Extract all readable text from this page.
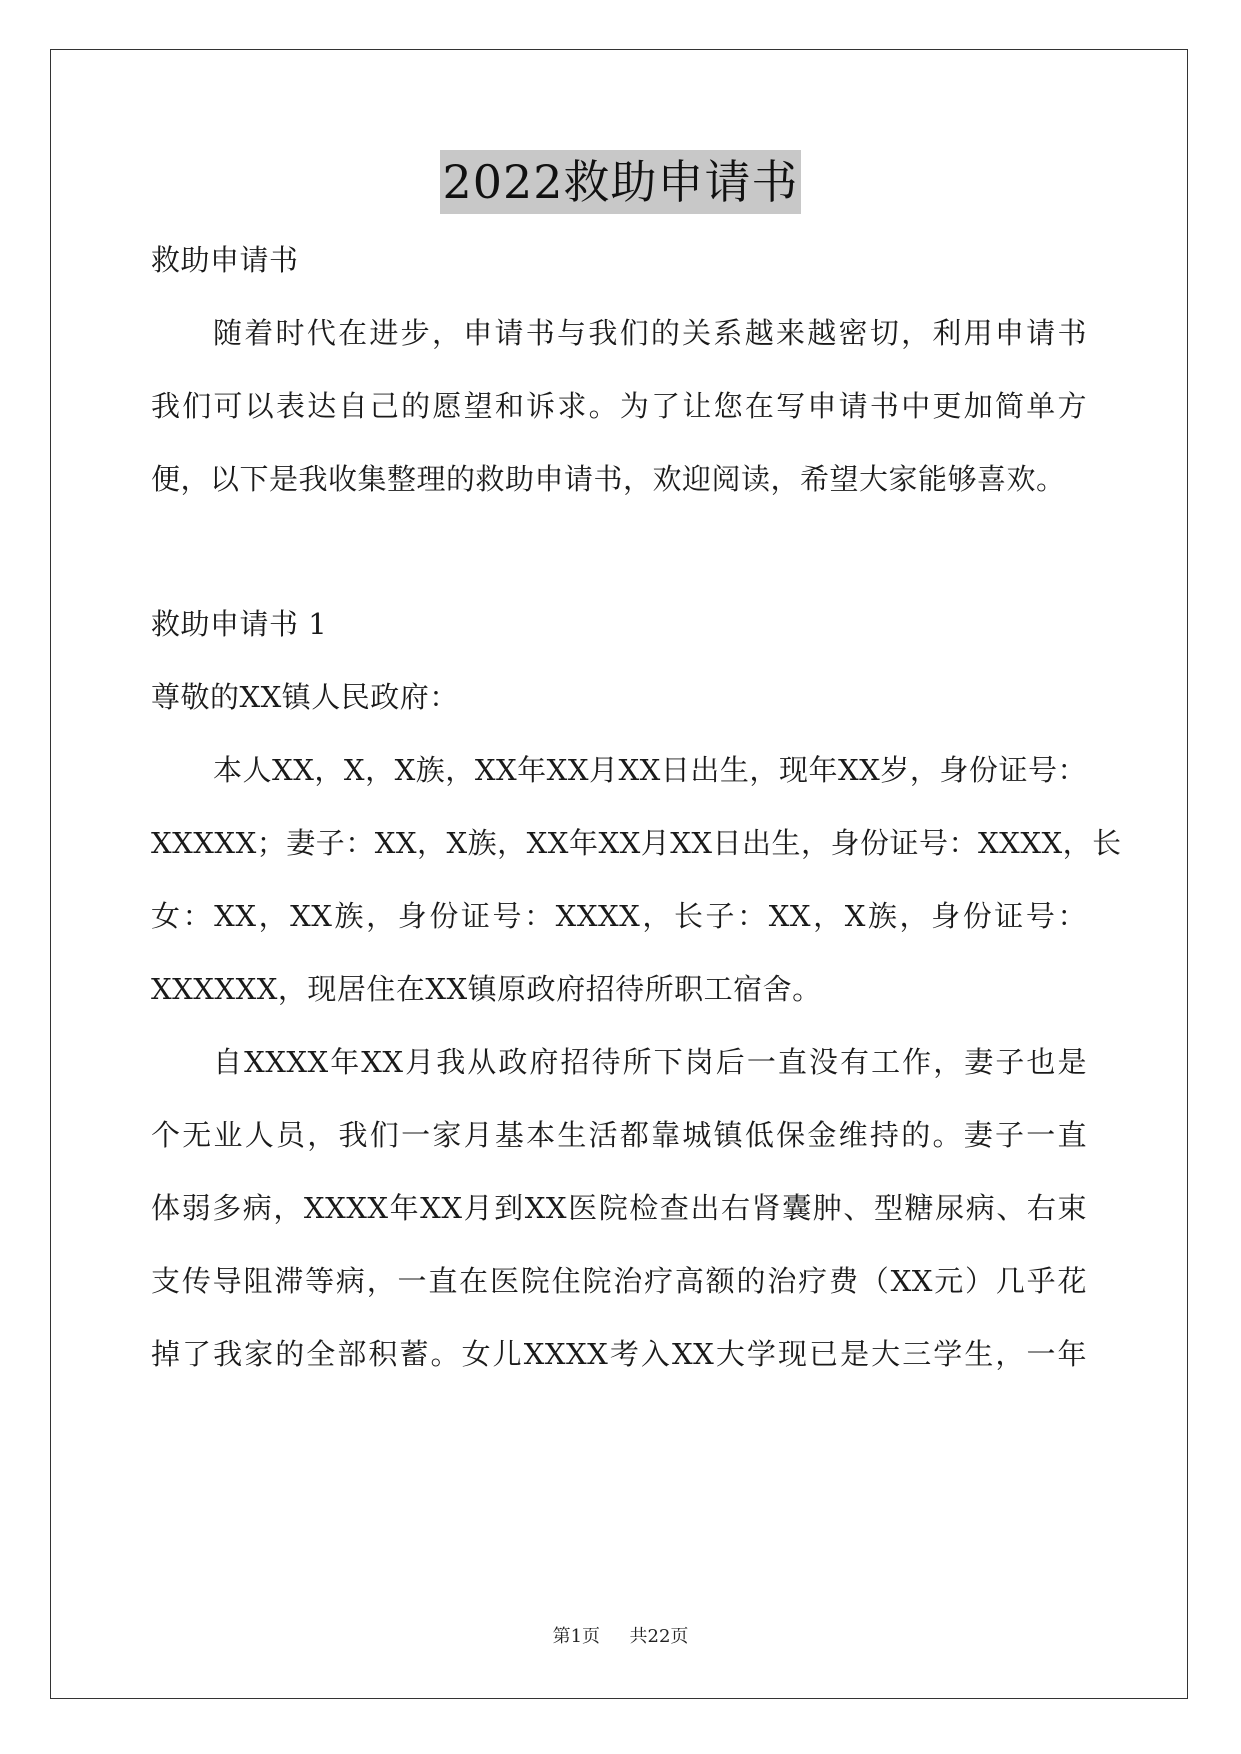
2022救助申请书
救助申请书
随着时代在进步，申请书与我们的关系越来越密切，利用申请书
我们可以表达自己的愿望和诉求。为了让您在写申请书中更加简单方
便，以下是我收集整理的救助申请书，欢迎阅读，希望大家能够喜欢。
救助申请书 1
尊敬的XX镇人民政府：
本人XX，X，X族，XX年XX月XX日出生，现年XX岁，身份证号：
XXXXX；妻子：XX，X族，XX年XX月XX日出生，身份证号：XXXX，长
女：XX，XX族，身份证号：XXXX，长子：XX，X族，身份证号：
XXXXXX，现居住在XX镇原政府招待所职工宿舍。
自XXXX年XX月我从政府招待所下岗后一直没有工作，妻子也是
个无业人员，我们一家月基本生活都靠城镇低保金维持的。妻子一直
体弱多病，XXXX年XX月到XX医院检查出右肾囊肿、型糖尿病、右束
支传导阻滞等病，一直在医院住院治疗高额的治疗费（XX元）几乎花
掉了我家的全部积蓄。女儿XXXX考入XX大学现已是大三学生，一年
第1页 共22页
